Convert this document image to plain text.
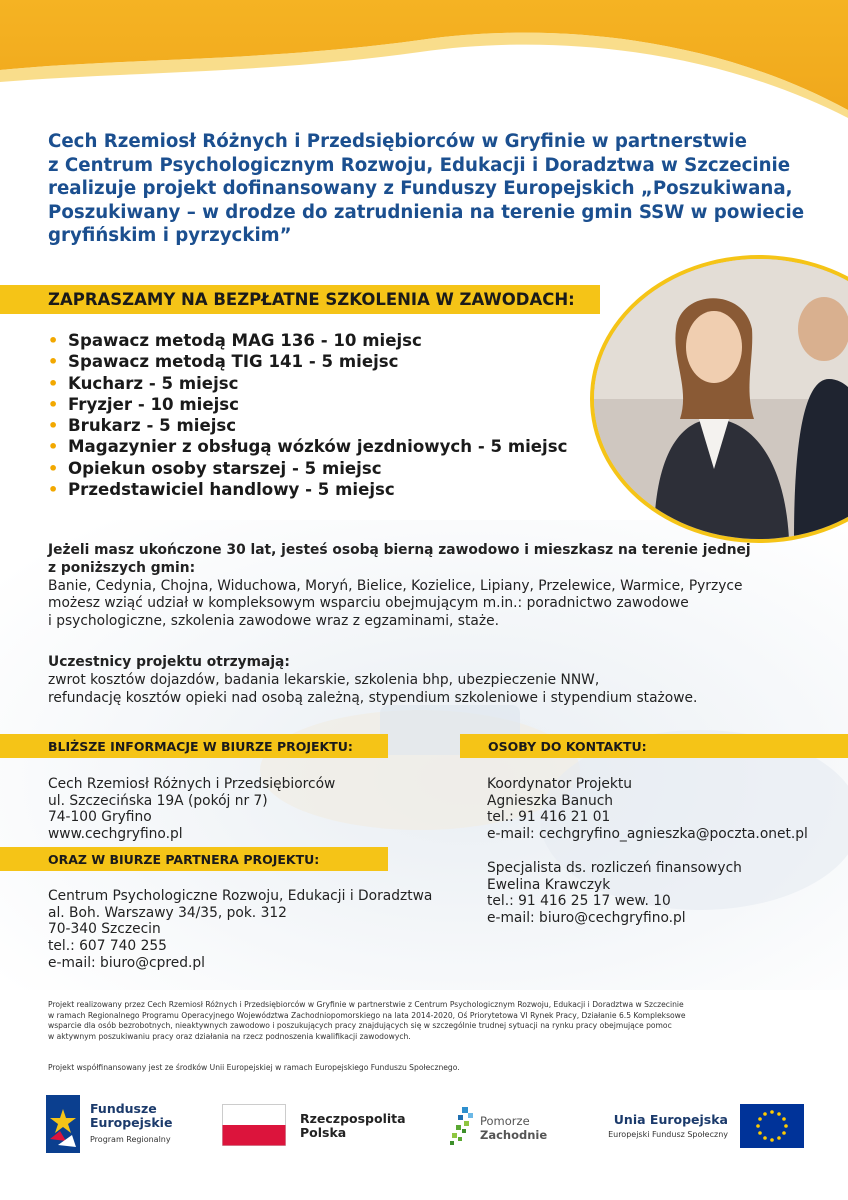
Cech Rzemiosł Różnych i Przedsiębiorców w Gryfinie w partnerstwie
z Centrum Psychologicznym Rozwoju, Edukacji i Doradztwa w Szczecinie
realizuje projekt dofinansowany z Funduszy Europejskich „Poszukiwana,
Poszukiwany – w drodze do zatrudnienia na terenie gmin SSW w powiecie
gryfińskim i pyrzyckim”
ZAPRASZAMY NA BEZPŁATNE SZKOLENIA W ZAWODACH:
• Spawacz metodą MAG 136 - 10 miejsc
• Spawacz metodą TIG 141 - 5 miejsc
• Kucharz - 5 miejsc
• Fryzjer - 10 miejsc
• Brukarz - 5 miejsc
• Magazynier z obsługą wózków jezdniowych - 5 miejsc
• Opiekun osoby starszej - 5 miejsc
• Przedstawiciel handlowy - 5 miejsc
Jeżeli masz ukończone 30 lat, jesteś osobą bierną zawodowo i mieszkasz na terenie jednej
z poniższych gmin:
Banie, Cedynia, Chojna, Widuchowa, Moryń, Bielice, Kozielice, Lipiany, Przelewice, Warmice, Pyrzyce
możesz wziąć udział w kompleksowym wsparciu obejmującym m.in.: poradnictwo zawodowe
i psychologiczne, szkolenia zawodowe wraz z egzaminami, staże.
Uczestnicy projektu otrzymają:
zwrot kosztów dojazdów, badania lekarskie, szkolenia bhp, ubezpieczenie NNW,
refundację kosztów opieki nad osobą zależną, stypendium szkoleniowe i stypendium stażowe.
BLIŻSZE INFORMACJE W BIURZE PROJEKTU:
Cech Rzemiosł Różnych i Przedsiębiorców
ul. Szczecińska 19A (pokój nr 7)
74-100 Gryfino
www.cechgryfino.pl
ORAZ W BIURZE PARTNERA PROJEKTU:
Centrum Psychologiczne Rozwoju, Edukacji i Doradztwa
al. Boh. Warszawy 34/35, pok. 312
70-340 Szczecin
tel.: 607 740 255
e-mail: biuro@cpred.pl
OSOBY DO KONTAKTU:
Koordynator Projektu
Agnieszka Banuch
tel.: 91 416 21 01
e-mail: cechgryfino_agnieszka@poczta.onet.pl
Specjalista ds. rozliczeń finansowych
Ewelina Krawczyk
tel.: 91 416 25 17 wew. 10
e-mail: biuro@cechgryfino.pl
Projekt realizowany przez Cech Rzemiosł Różnych i Przedsiębiorców w Gryfinie w partnerstwie z Centrum Psychologicznym Rozwoju, Edukacji i Doradztwa w Szczecinie
w ramach Regionalnego Programu Operacyjnego Województwa Zachodniopomorskiego na lata 2014-2020, Oś Priorytetowa VI Rynek Pracy, Działanie 6.5 Kompleksowe
wsparcie dla osób bezrobotnych, nieaktywnych zawodowo i poszukujących pracy znajdujących się w szczególnie trudnej sytuacji na rynku pracy obejmujące pomoc
w aktywnym poszukiwaniu pracy oraz działania na rzecz podnoszenia kwalifikacji zawodowych.
Projekt współfinansowany jest ze środków Unii Europejskiej w ramach Europejskiego Funduszu Społecznego.
Fundusze
Europejskie
Program Regionalny
Rzeczpospolita
Polska
Pomorze
Zachodnie
Unia Europejska
Europejski Fundusz Społeczny
